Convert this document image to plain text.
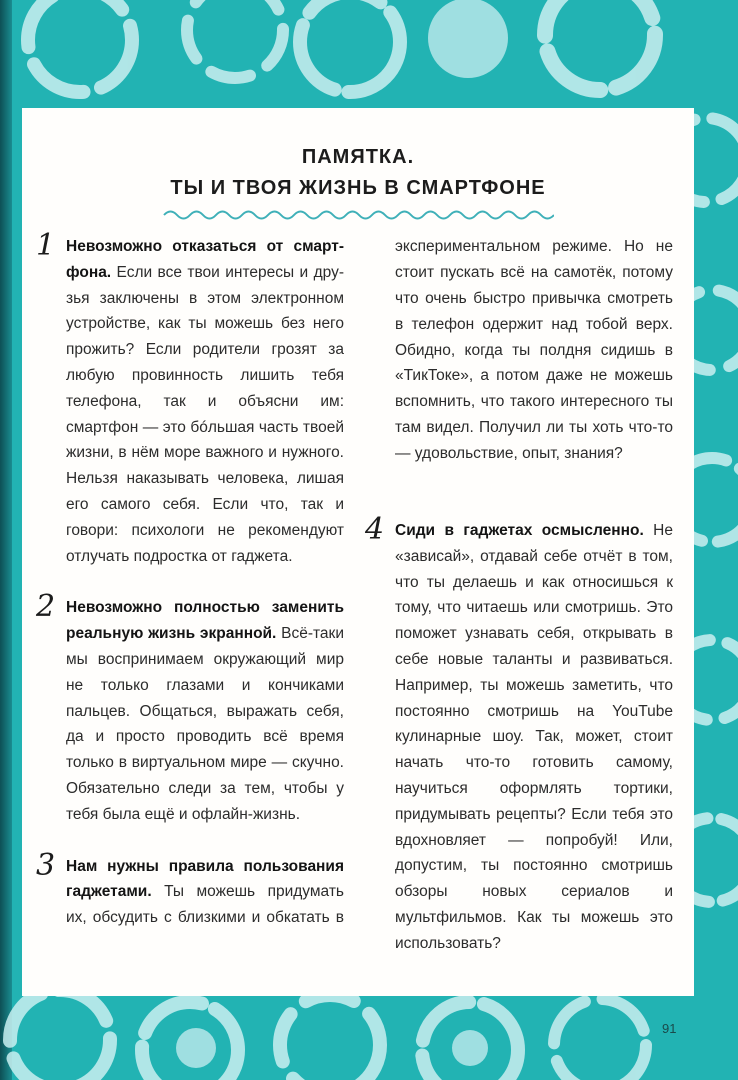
ПАМЯТКА.
ТЫ И ТВОЯ ЖИЗНЬ В СМАРТФОНЕ
1 Невозможно отказаться от смартфона. Если все твои интересы и друзья заключены в этом электронном устройстве, как ты можешь без него прожить? Если родители грозят за любую провинность лишить тебя телефона, так и объясни им: смартфон — это бóльшая часть твоей жизни, в нём море важного и нужного. Нельзя наказывать человека, лишая его самого себя. Если что, так и говори: психологи не рекомендуют отлучать подростка от гаджета.
2 Невозможно полностью заменить реальную жизнь экранной. Всё-таки мы воспринимаем окружающий мир не только глазами и кончиками пальцев. Общаться, выражать себя, да и просто проводить всё время только в виртуальном мире — скучно. Обязательно следи за тем, чтобы у тебя была ещё и офлайн-жизнь.
3 Нам нужны правила пользования гаджетами. Ты можешь придумать их, обсудить с близкими и обкатать в
экспериментальном режиме. Но не стоит пускать всё на самотёк, потому что очень быстро привычка смотреть в телефон одержит над тобой верх. Обидно, когда ты полдня сидишь в «ТикТоке», а потом даже не можешь вспомнить, что такого интересного ты там видел. Получил ли ты хоть что-то — удовольствие, опыт, знания?
4 Сиди в гаджетах осмысленно. Не «зависай», отдавай себе отчёт в том, что ты делаешь и как относишься к тому, что читаешь или смотришь. Это поможет узнавать себя, открывать в себе новые таланты и развиваться. Например, ты можешь заметить, что постоянно смотришь на YouTube кулинарные шоу. Так, может, стоит начать что-то готовить самому, научиться оформлять тортики, придумывать рецепты? Если тебя это вдохновляет — попробуй! Или, допустим, ты постоянно смотришь обзоры новых сериалов и мультфильмов. Как ты можешь это использовать?
91
